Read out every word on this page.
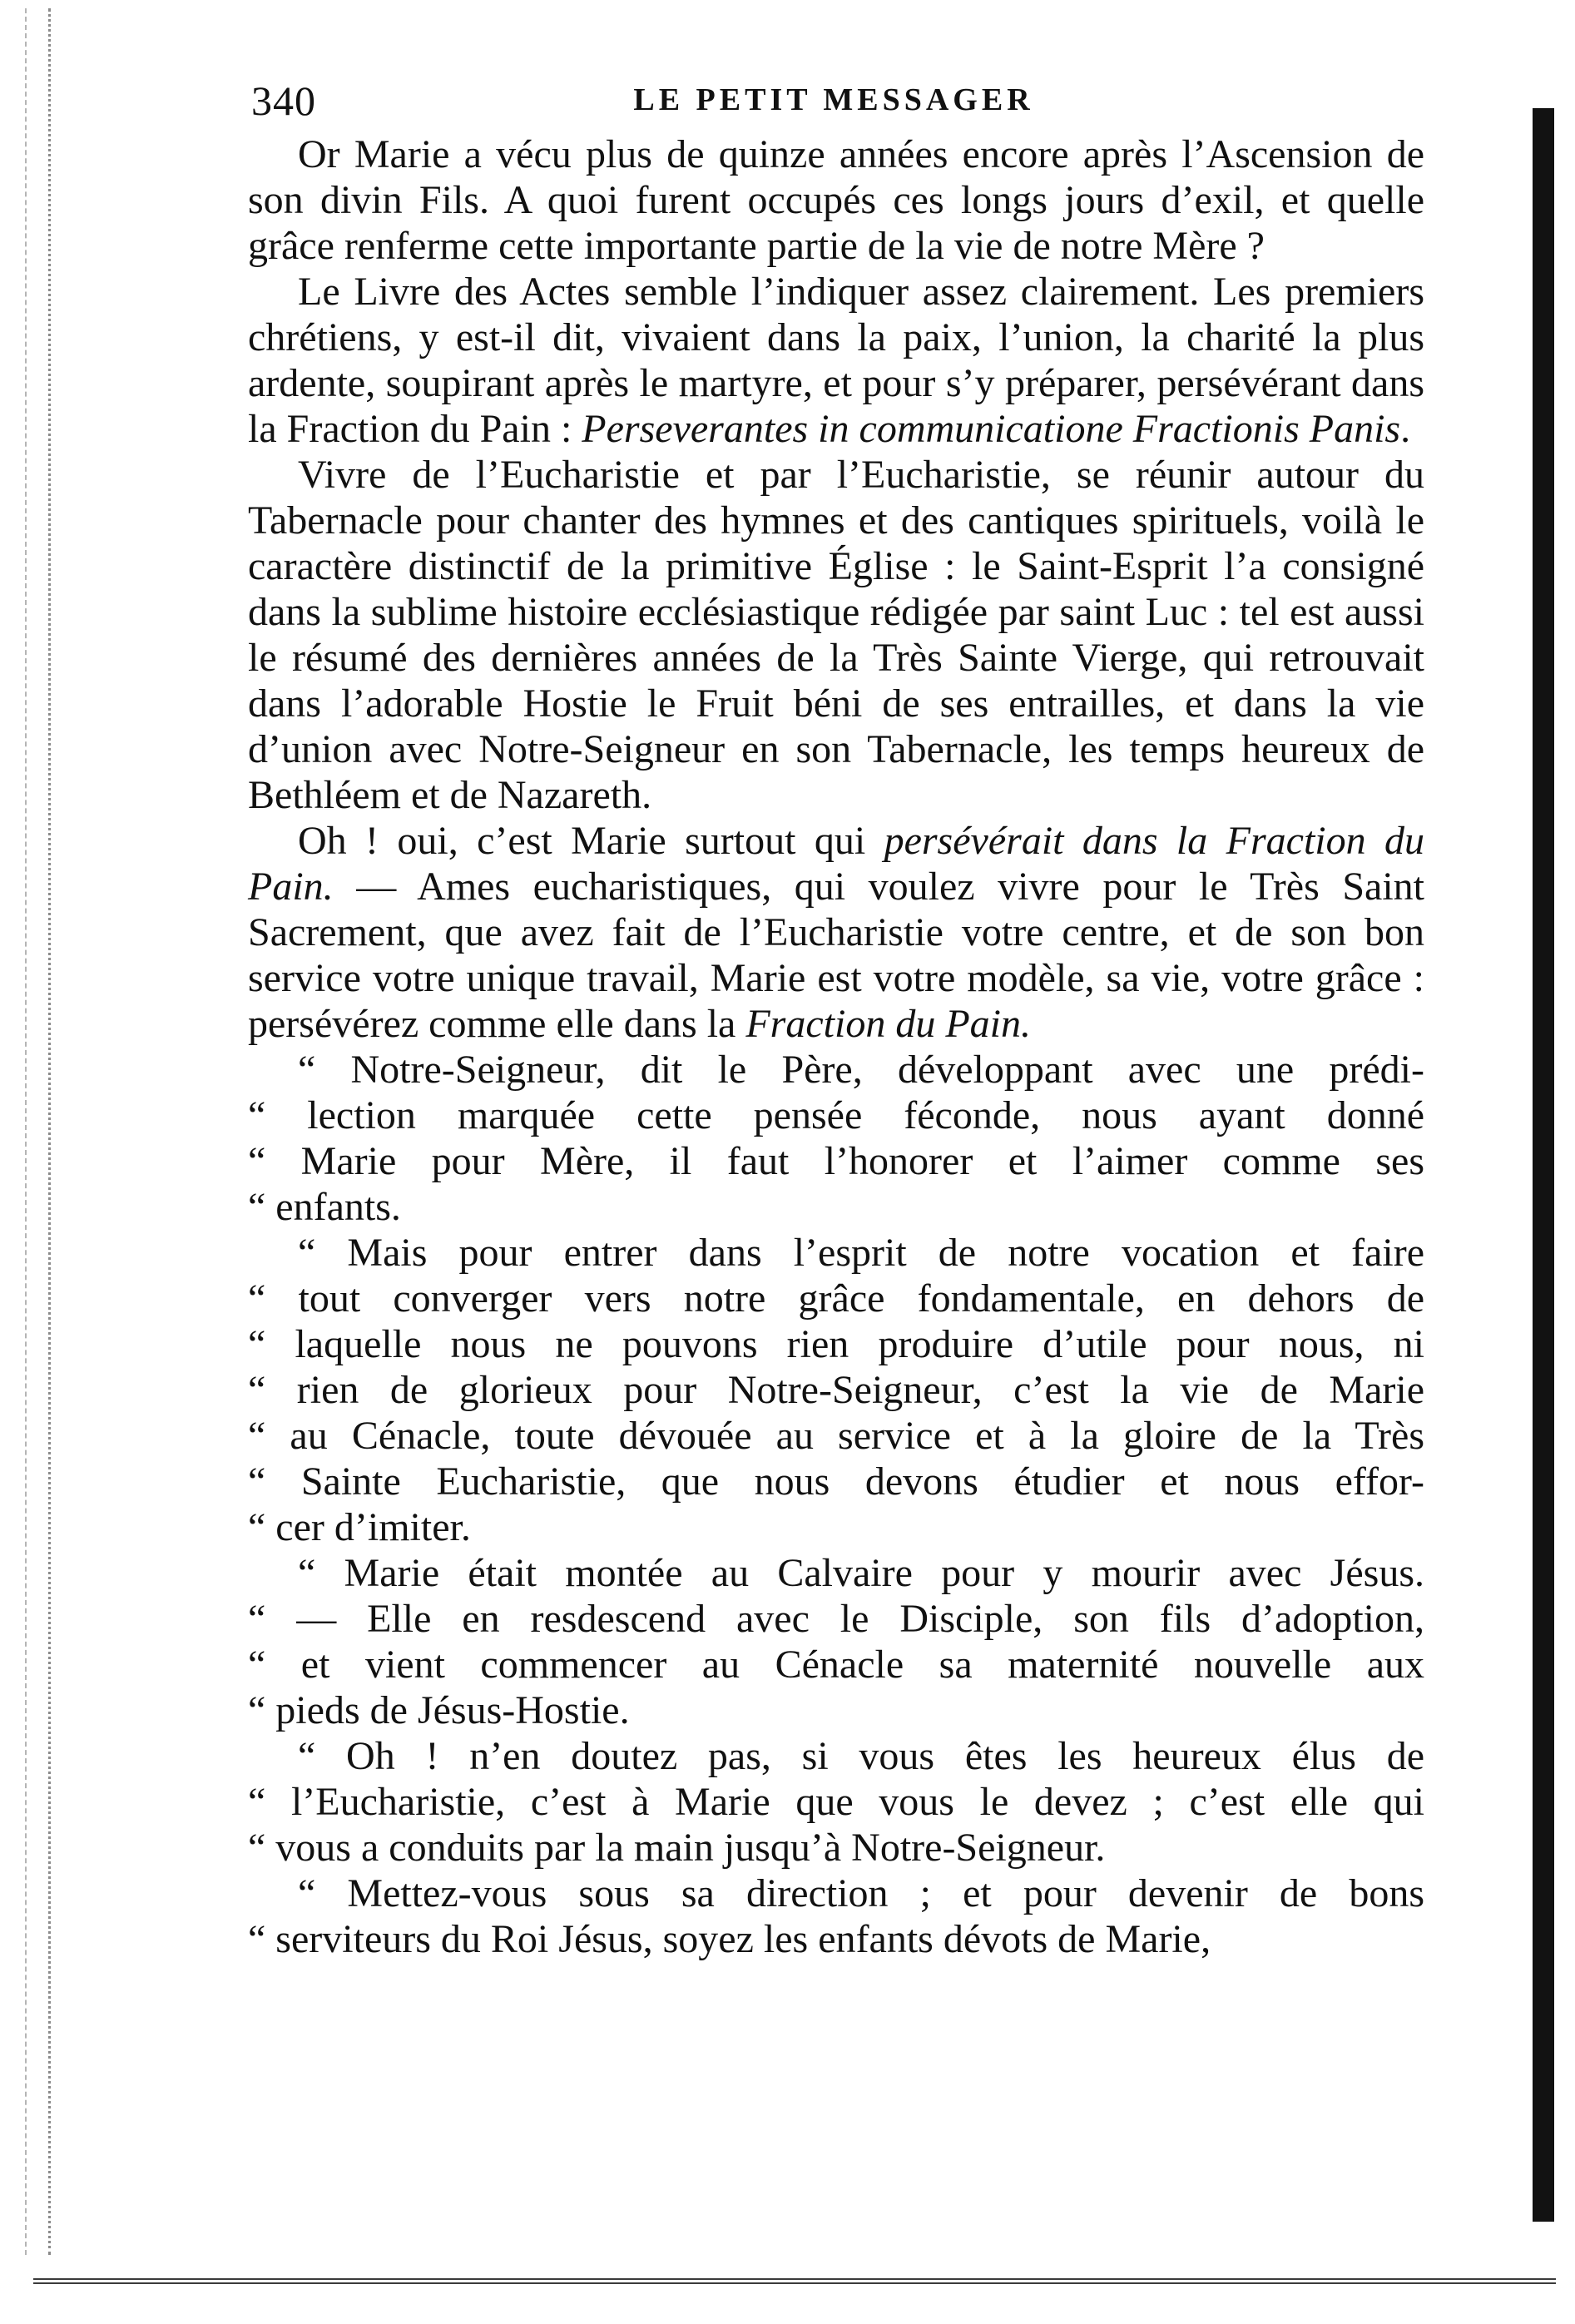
340	LE PETIT MESSAGER

Or Marie a vécu plus de quinze années encore après l’Ascension de son divin Fils. A quoi furent occupés ces longs jours d’exil, et quelle grâce renferme cette importante partie de la vie de notre Mère ?

Le Livre des Actes semble l’indiquer assez clairement. Les premiers chrétiens, y est-il dit, vivaient dans la paix, l’union, la charité la plus ardente, soupirant après le martyre, et pour s’y préparer, persévérant dans la Fraction du Pain : Perseverantes in communicatione Fractionis Panis.

Vivre de l’Eucharistie et par l’Eucharistie, se réunir autour du Tabernacle pour chanter des hymnes et des cantiques spirituels, voilà le caractère distinctif de la primitive Église : le Saint-Esprit l’a consigné dans la sublime histoire ecclésiastique rédigée par saint Luc : tel est aussi le résumé des dernières années de la Très Sainte Vierge, qui retrouvait dans l’adorable Hostie le Fruit béni de ses entrailles, et dans la vie d’union avec Notre-Seigneur en son Tabernacle, les temps heureux de Bethléem et de Nazareth.

Oh ! oui, c’est Marie surtout qui persévérait dans la Fraction du Pain. — Ames eucharistiques, qui voulez vivre pour le Très Saint Sacrement, que avez fait de l’Eucharistie votre centre, et de son bon service votre unique travail, Marie est votre modèle, sa vie, votre grâce : persévérez comme elle dans la Fraction du Pain.

“ Notre-Seigneur, dit le Père, développant avec une prédi-
“ lection marquée cette pensée féconde, nous ayant donné
“ Marie pour Mère, il faut l’honorer et l’aimer comme ses
“ enfants.

“ Mais pour entrer dans l’esprit de notre vocation et faire
“ tout converger vers notre grâce fondamentale, en dehors de
“ laquelle nous ne pouvons rien produire d’utile pour nous, ni
“ rien de glorieux pour Notre-Seigneur, c’est la vie de Marie
“ au Cénacle, toute dévouée au service et à la gloire de la Très
“ Sainte Eucharistie, que nous devons étudier et nous effor-
“ cer d’imiter.

“ Marie était montée au Calvaire pour y mourir avec Jésus.
“ — Elle en resdescend avec le Disciple, son fils d’adoption,
“ et vient commencer au Cénacle sa maternité nouvelle aux
“ pieds de Jésus-Hostie.

“ Oh ! n’en doutez pas, si vous êtes les heureux élus de
“ l’Eucharistie, c’est à Marie que vous le devez ; c’est elle qui
“ vous a conduits par la main jusqu’à Notre-Seigneur.

“ Mettez-vous sous sa direction ; et pour devenir de bons
“ serviteurs du Roi Jésus, soyez les enfants dévots de Marie,
